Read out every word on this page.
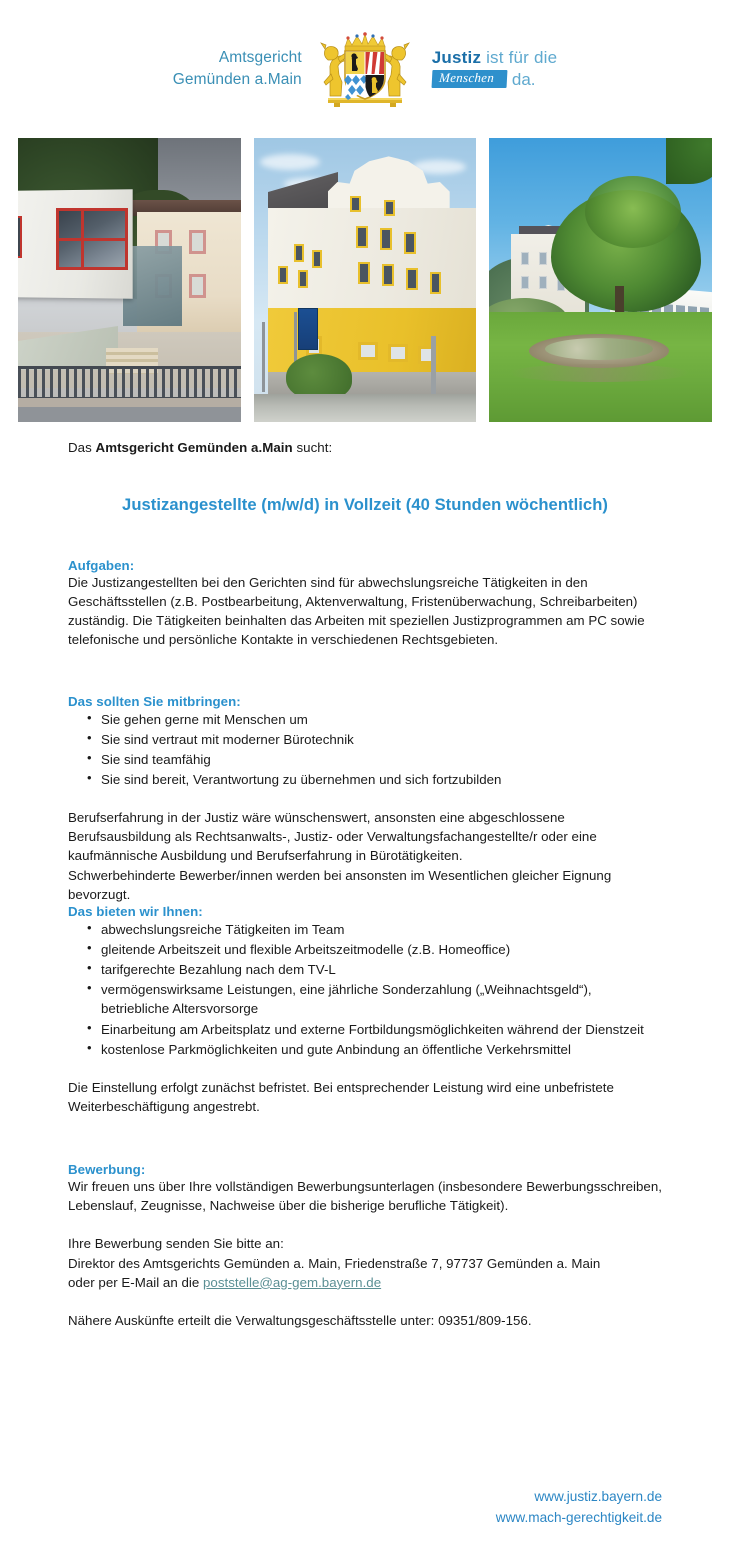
Amtsgericht
Gemünden a.Main
Justiz ist für die
Menschen	da.
Das Amtsgericht Gemünden a.Main sucht:
Justizangestellte (m/w/d) in Vollzeit (40 Stunden wöchentlich)
Aufgaben:

Die Justizangestellten bei den Gerichten sind für abwechslungsreiche Tätigkeiten in den Geschäftsstellen (z.B. Postbearbeitung, Aktenverwaltung, Fristenüberwachung, Schreibarbeiten) zuständig. Die Tätigkeiten beinhalten das Arbeiten mit speziellen Justizprogrammen am PC sowie telefonische und persönliche Kontakte in verschiedenen Rechtsgebieten.

Das sollten Sie mitbringen:
• Sie gehen gerne mit Menschen um
• Sie sind vertraut mit moderner Bürotechnik
• Sie sind teamfähig
• Sie sind bereit, Verantwortung zu übernehmen und sich fortzubilden

Berufserfahrung in der Justiz wäre wünschenswert, ansonsten eine abgeschlossene Berufsausbildung als Rechtsanwalts-, Justiz- oder Verwaltungsfachangestellte/r oder eine kaufmännische Ausbildung und Berufserfahrung in Bürotätigkeiten.

Schwerbehinderte Bewerber/innen werden bei ansonsten im Wesentlichen gleicher Eignung bevorzugt.

Das bieten wir Ihnen:
• abwechslungsreiche Tätigkeiten im Team
• gleitende Arbeitszeit und flexible Arbeitszeitmodelle (z.B. Homeoffice)
• tarifgerechte Bezahlung nach dem TV-L
• vermögenswirksame Leistungen, eine jährliche Sonderzahlung („Weihnachtsgeld“), betriebliche Altersvorsorge
• Einarbeitung am Arbeitsplatz und externe Fortbildungsmöglichkeiten während der Dienstzeit
• kostenlose Parkmöglichkeiten und gute Anbindung an öffentliche Verkehrsmittel

Die Einstellung erfolgt zunächst befristet. Bei entsprechender Leistung wird eine unbefristete Weiterbeschäftigung angestrebt.

Bewerbung:

Wir freuen uns über Ihre vollständigen Bewerbungsunterlagen (insbesondere Bewerbungsschreiben, Lebenslauf, Zeugnisse, Nachweise über die bisherige berufliche Tätigkeit).

Ihre Bewerbung senden Sie bitte an:

Direktor des Amtsgerichts Gemünden a. Main, Friedenstraße 7, 97737 Gemünden a. Main

oder per E-Mail an die poststelle@ag-gem.bayern.de

Nähere Auskünfte erteilt die Verwaltungsgeschäftsstelle unter: 09351/809-156.

www.justiz.bayern.de
www.mach-gerechtigkeit.de
